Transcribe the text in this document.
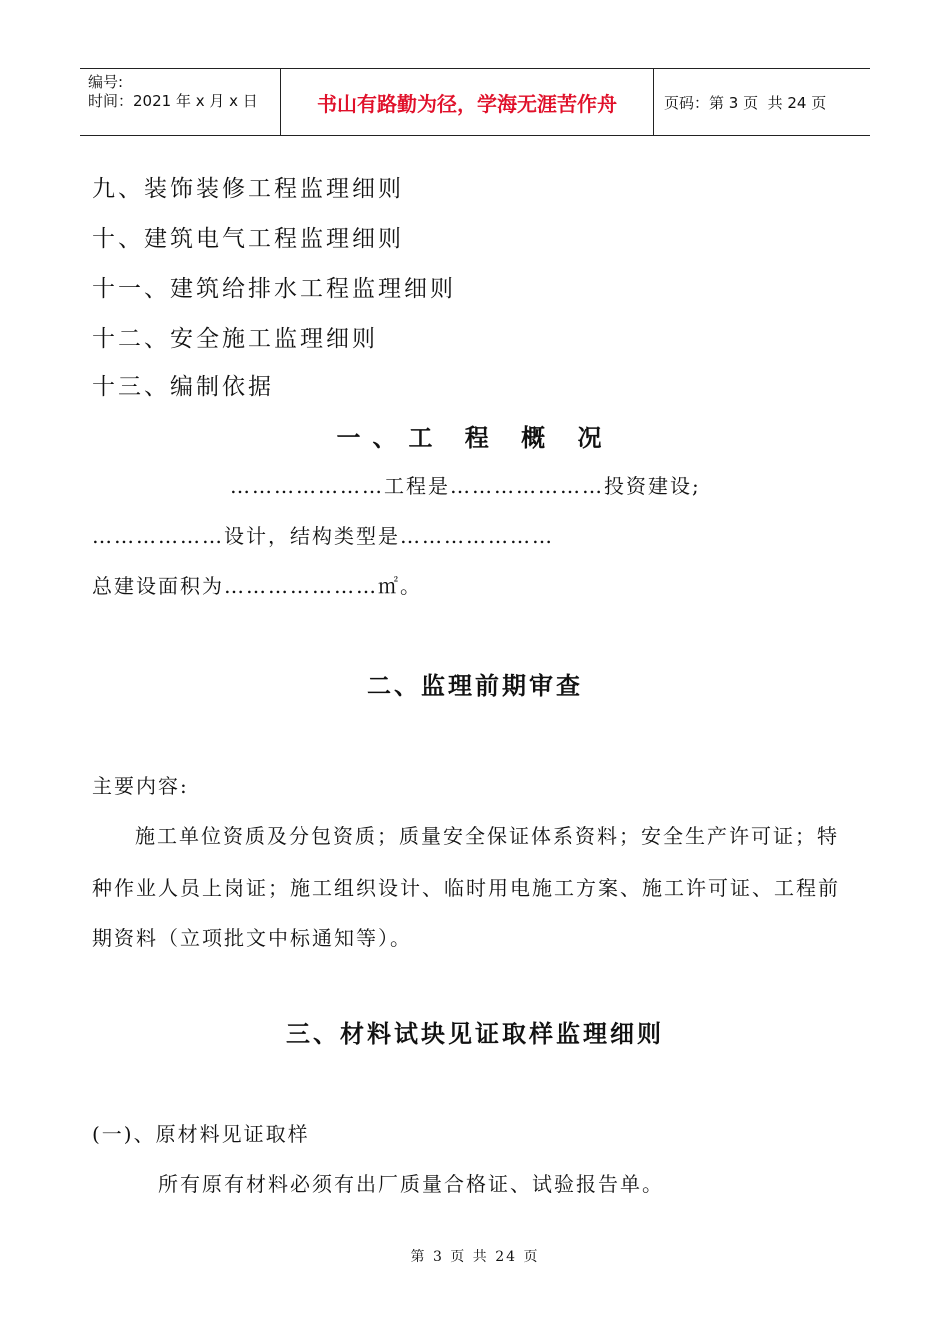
编号:
时间：2021 年 x 月 x 日	书山有路勤为径，学海无涯苦作舟	页码：第 3 页  共 24 页
九、装饰装修工程监理细则
十、建筑电气工程监理细则
十一、建筑给排水工程监理细则
十二、安全施工监理细则
十三、编制依据
一、工 程 概 况
…………………工程是…………………投资建设;
………………设计，结构类型是…………………
总建设面积为…………………㎡。
二、监理前期审查
主要内容:
施工单位资质及分包资质；质量安全保证体系资料；安全生产许可证；特
种作业人员上岗证；施工组织设计、临时用电施工方案、施工许可证、工程前
期资料（立项批文中标通知等）。
三、材料试块见证取样监理细则
(一)、原材料见证取样
所有原有材料必须有出厂质量合格证、试验报告单。
第 3 页 共 24 页
